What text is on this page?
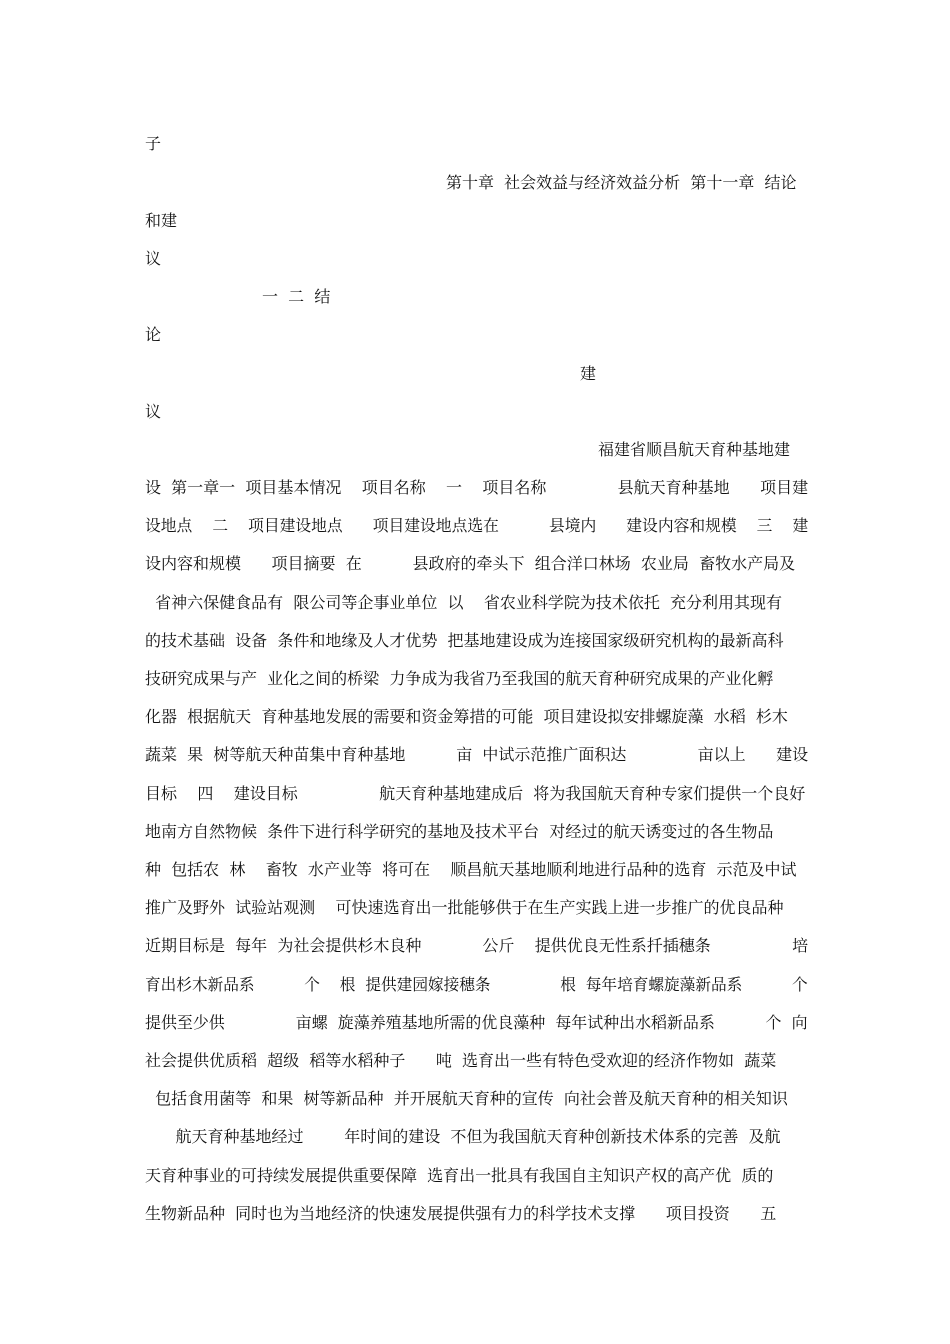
子
第十章  社会效益与经济效益分析  第十一章  结论
和建
议
一  二  结
论
建
议
福建省顺昌航天育种基地建
设  第一章一  项目基本情况    项目名称    一    项目名称              县航天育种基地      项目建
设地点    二    项目建设地点      项目建设地点选在          县境内      建设内容和规模    三    建
设内容和规模      项目摘要  在          县政府的牵头下  组合洋口林场  农业局  畜牧水产局及
省神六保健食品有  限公司等企事业单位  以    省农业科学院为技术依托  充分利用其现有
的技术基础  设备  条件和地缘及人才优势  把基地建设成为连接国家级研究机构的最新高科
技研究成果与产  业化之间的桥梁  力争成为我省乃至我国的航天育种研究成果的产业化孵
化器  根据航天  育种基地发展的需要和资金筹措的可能  项目建设拟安排螺旋藻  水稻  杉木
蔬菜  果  树等航天种苗集中育种基地          亩  中试示范推广面积达              亩以上      建设
目标    四    建设目标                航天育种基地建成后  将为我国航天育种专家们提供一个良好
地南方自然物候  条件下进行科学研究的基地及技术平台  对经过的航天诱变过的各生物品
种  包括农  林    畜牧  水产业等  将可在    顺昌航天基地顺利地进行品种的选育  示范及中试
推广及野外  试验站观测    可快速选育出一批能够供于在生产实践上进一步推广的优良品种
近期目标是  每年  为社会提供杉木良种            公斤    提供优良无性系扦插穗条                培
育出杉木新品系          个    根  提供建园嫁接穗条              根  每年培育螺旋藻新品系          个
提供至少供              亩螺  旋藻养殖基地所需的优良藻种  每年试种出水稻新品系          个  向
社会提供优质稻  超级  稻等水稻种子      吨  选育出一些有特色受欢迎的经济作物如  蔬菜
包括食用菌等  和果  树等新品种  并开展航天育种的宣传  向社会普及航天育种的相关知识
航天育种基地经过        年时间的建设  不但为我国航天育种创新技术体系的完善  及航
天育种事业的可持续发展提供重要保障  选育出一批具有我国自主知识产权的高产优  质的
生物新品种  同时也为当地经济的快速发展提供强有力的科学技术支撑      项目投资      五
